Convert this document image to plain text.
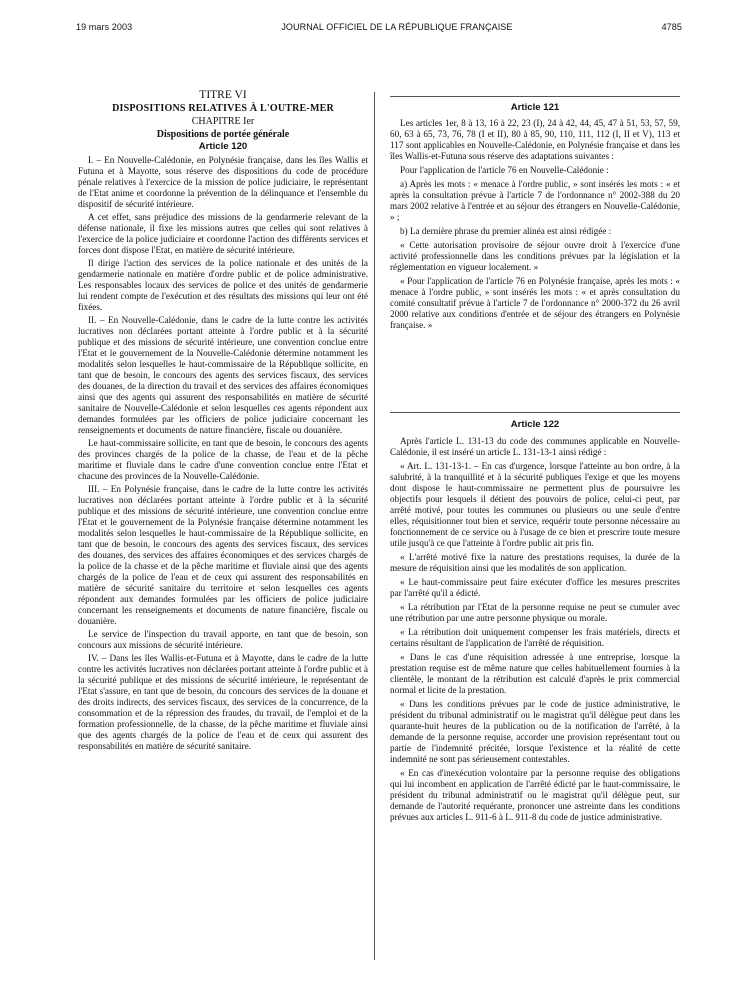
19 mars 2003	JOURNAL OFFICIEL DE LA RÉPUBLIQUE FRANÇAISE	4785
TITRE VI
DISPOSITIONS RELATIVES À L'OUTRE-MER
CHAPITRE Ier
Dispositions de portée générale
Article 120

I. – En Nouvelle-Calédonie, en Polynésie française, dans les îles Wallis et Futuna et à Mayotte, sous réserve des dispositions du code de procédure pénale relatives à l'exercice de la mission de police judiciaire, le représentant de l'Etat anime et coordonne la prévention de la délinquance et l'ensemble du dispositif de sécurité intérieure.

A cet effet, sans préjudice des missions de la gendarmerie relevant de la défense nationale, il fixe les missions autres que celles qui sont relatives à l'exercice de la police judiciaire et coordonne l'action des différents services et forces dont dispose l'Etat, en matière de sécurité intérieure.

Il dirige l'action des services de la police nationale et des unités de la gendarmerie nationale en matière d'ordre public et de police administrative. Les responsables locaux des services de police et des unités de gendarmerie lui rendent compte de l'exécution et des résultats des missions qui leur ont été fixées.

II. – En Nouvelle-Calédonie, dans le cadre de la lutte contre les activités lucratives non déclarées portant atteinte à l'ordre public et à la sécurité publique et des missions de sécurité intérieure, une convention conclue entre l'Etat et le gouvernement de la Nouvelle-Calédonie détermine notamment les modalités selon lesquelles le haut-commissaire de la République sollicite, en tant que de besoin, le concours des agents des services fiscaux, des services des douanes, de la direction du travail et des services des affaires économiques ainsi que des agents qui assurent des responsabilités en matière de sécurité sanitaire de Nouvelle-Calédonie et selon lesquelles ces agents répondent aux demandes formulées par les officiers de police judiciaire concernant les renseignements et documents de nature financière, fiscale ou douanière.

Le haut-commissaire sollicite, en tant que de besoin, le concours des agents des provinces chargés de la police de la chasse, de l'eau et de la pêche maritime et fluviale dans le cadre d'une convention conclue entre l'Etat et chacune des provinces de la Nouvelle-Calédonie.

III. – En Polynésie française, dans le cadre de la lutte contre les activités lucratives non déclarées portant atteinte à l'ordre public et à la sécurité publique et des missions de sécurité intérieure, une convention conclue entre l'Etat et le gouvernement de la Polynésie française détermine notamment les modalités selon lesquelles le haut-commissaire de la République sollicite, en tant que de besoin, le concours des agents des services fiscaux, des services des douanes, des services des affaires économiques et des services chargés de la police de la chasse et de la pêche maritime et fluviale ainsi que des agents chargés de la police de l'eau et de ceux qui assurent des responsabilités en matière de sécurité sanitaire du territoire et selon lesquelles ces agents répondent aux demandes formulées par les officiers de police judiciaire concernant les renseignements et documents de nature financière, fiscale ou douanière.

Le service de l'inspection du travail apporte, en tant que de besoin, son concours aux missions de sécurité intérieure.

IV. – Dans les îles Wallis-et-Futuna et à Mayotte, dans le cadre de la lutte contre les activités lucratives non déclarées portant atteinte à l'ordre public et à la sécurité publique et des missions de sécurité intérieure, le représentant de l'Etat s'assure, en tant que de besoin, du concours des services de la douane et des droits indirects, des services fiscaux, des services de la concurrence, de la consommation et de la répression des fraudes, du travail, de l'emploi et de la formation professionnelle, de la chasse, de la pêche maritime et fluviale ainsi que des agents chargés de la police de l'eau et de ceux qui assurent des responsabilités en matière de sécurité sanitaire.

Article 121

Les articles 1er, 8 à 13, 16 à 22, 23 (I), 24 à 42, 44, 45, 47 à 51, 53, 57, 59, 60, 63 à 65, 73, 76, 78 (I et II), 80 à 85, 90, 110, 111, 112 (I, II et V), 113 et 117 sont applicables en Nouvelle-Calédonie, en Polynésie française et dans les îles Wallis-et-Futuna sous réserve des adaptations suivantes :

Pour l'application de l'article 76 en Nouvelle-Calédonie :

a) Après les mots : « menace à l'ordre public, » sont insérés les mots : « et après la consultation prévue à l'article 7 de l'ordonnance n° 2002-388 du 20 mars 2002 relative à l'entrée et au séjour des étrangers en Nouvelle-Calédonie, » ;

b) La dernière phrase du premier alinéa est ainsi rédigée :

« Cette autorisation provisoire de séjour ouvre droit à l'exercice d'une activité professionnelle dans les conditions prévues par la législation et la réglementation en vigueur localement. »

« Pour l'application de l'article 76 en Polynésie française, après les mots : « menace à l'ordre public, » sont insérés les mots : « et après consultation du comité consultatif prévue à l'article 7 de l'ordonnance n° 2000-372 du 26 avril 2000 relative aux conditions d'entrée et de séjour des étrangers en Polynésie française. »

Article 122

Après l'article L. 131-13 du code des communes applicable en Nouvelle-Calédonie, il est inséré un article L. 131-13-1 ainsi rédigé :

« Art. L. 131-13-1. – En cas d'urgence, lorsque l'atteinte au bon ordre, à la salubrité, à la tranquillité et à la sécurité publiques l'exige et que les moyens dont dispose le haut-commissaire ne permettent plus de poursuivre les objectifs pour lesquels il détient des pouvoirs de police, celui-ci peut, par arrêté motivé, pour toutes les communes ou plusieurs ou une seule d'entre elles, réquisitionner tout bien et service, requérir toute personne nécessaire au fonctionnement de ce service ou à l'usage de ce bien et prescrire toute mesure utile jusqu'à ce que l'atteinte à l'ordre public ait pris fin.

« L'arrêté motivé fixe la nature des prestations requises, la durée de la mesure de réquisition ainsi que les modalités de son application.

« Le haut-commissaire peut faire exécuter d'office les mesures prescrites par l'arrêté qu'il a édicté.

« La rétribution par l'Etat de la personne requise ne peut se cumuler avec une rétribution par une autre personne physique ou morale.

« La rétribution doit uniquement compenser les frais matériels, directs et certains résultant de l'application de l'arrêté de réquisition.

« Dans le cas d'une réquisition adressée à une entreprise, lorsque la prestation requise est de même nature que celles habituellement fournies à la clientèle, le montant de la rétribution est calculé d'après le prix commercial normal et licite de la prestation.

« Dans les conditions prévues par le code de justice administrative, le président du tribunal administratif ou le magistrat qu'il délègue peut dans les quarante-huit heures de la publication ou de la notification de l'arrêté, à la demande de la personne requise, accorder une provision représentant tout ou partie de l'indemnité précitée, lorsque l'existence et la réalité de cette indemnité ne sont pas sérieusement contestables.

« En cas d'inexécution volontaire par la personne requise des obligations qui lui incombent en application de l'arrêté édicté par le haut-commissaire, le président du tribunal administratif ou le magistrat qu'il délègue peut, sur demande de l'autorité requérante, prononcer une astreinte dans les conditions prévues aux articles L. 911-6 à L. 911-8 du code de justice administrative.
